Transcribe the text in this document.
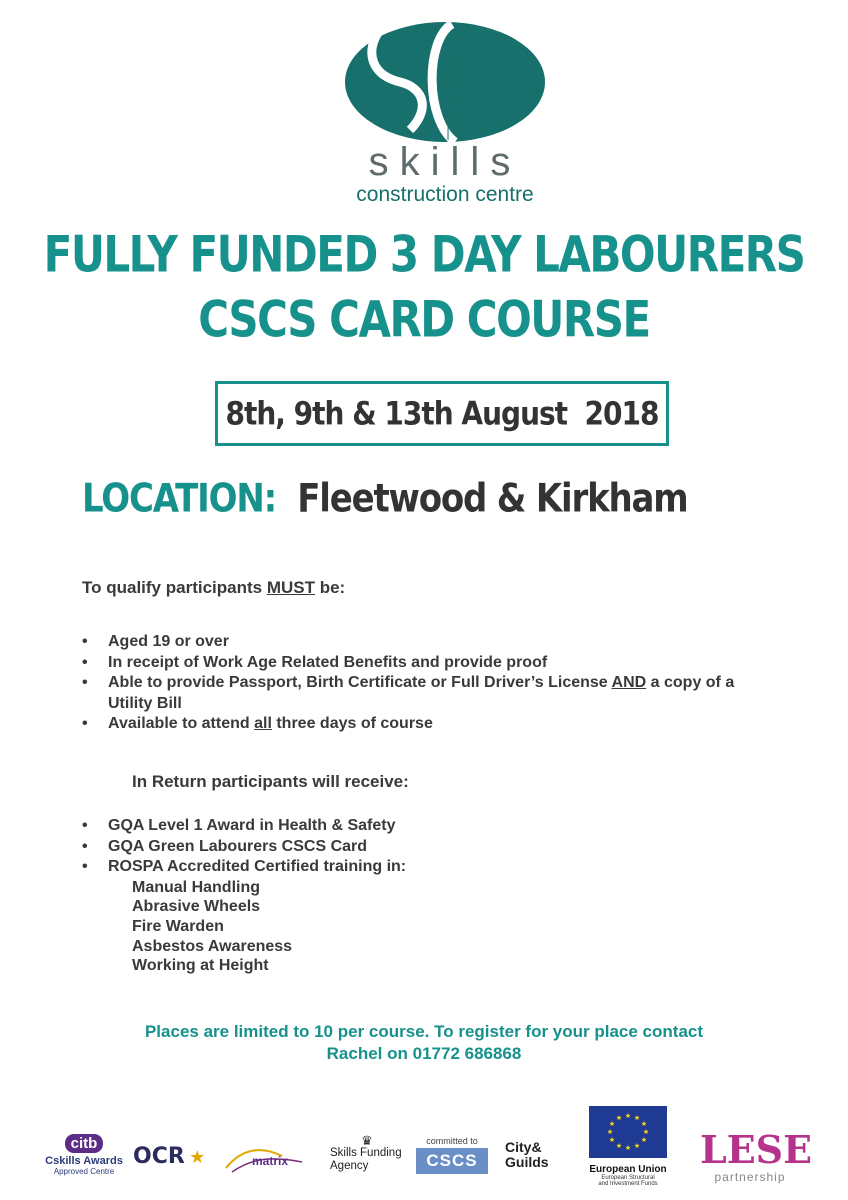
skills
construction centre
FULLY FUNDED 3 DAY LABOURERS
CSCS CARD COURSE
8th, 9th & 13th August  2018
LOCATION:  Fleetwood & Kirkham
To qualify participants MUST be:
• Aged 19 or over
• In receipt of Work Age Related Benefits and provide proof
• Able to provide Passport, Birth Certificate or Full Driver’s License AND a copy of a Utility Bill
• Available to attend all three days of course
In Return participants will receive:
• GQA Level 1 Award in Health & Safety
• GQA Green Labourers CSCS Card
• ROSPA Accredited Certified training in:
Manual Handling
Abrasive Wheels
Fire Warden
Asbestos Awareness
Working at Height
Places are limited to 10 per course. To register for your place contact
Rachel on 01772 686868
citb
Cskills Awards
Approved Centre
OCR ★	matrix
♛
Skills Funding
Agency
committed to
CSCS
City&
Guilds
★ ★
★
★
★
★
★
★
★
★
★
★
European Union
European Structural
and Investment Funds
LESE
partnership
